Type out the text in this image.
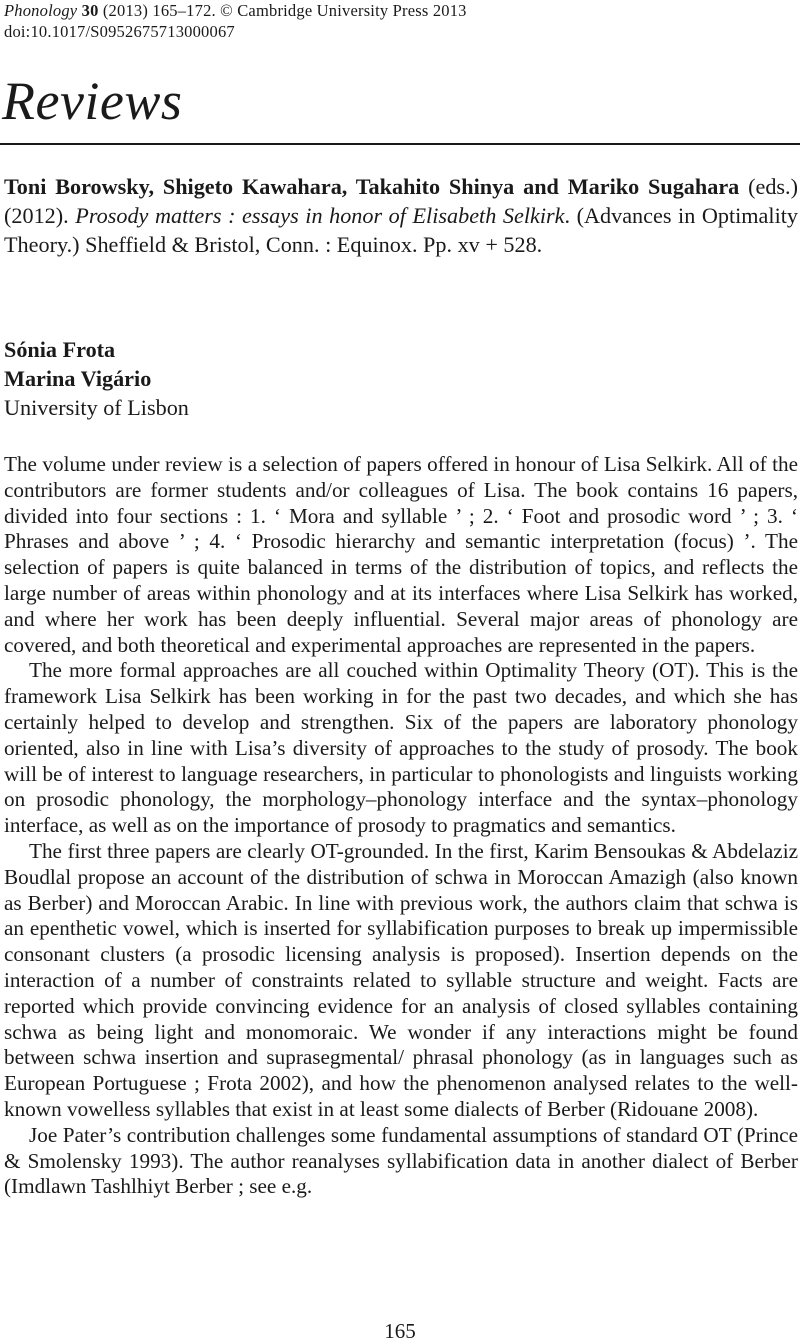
Phonology 30 (2013) 165–172. © Cambridge University Press 2013
doi:10.1017/S0952675713000067
Reviews
Toni Borowsky, Shigeto Kawahara, Takahito Shinya and Mariko Sugahara (eds.) (2012). Prosody matters : essays in honor of Elisabeth Selkirk. (Advances in Optimality Theory.) Sheffield & Bristol, Conn. : Equinox. Pp. xv + 528.
Sónia Frota
Marina Vigário
University of Lisbon

The volume under review is a selection of papers offered in honour of Lisa Selkirk. All of the contributors are former students and/or colleagues of Lisa. The book contains 16 papers, divided into four sections : 1. ‘ Mora and syllable ’ ; 2. ‘ Foot and prosodic word ’ ; 3. ‘ Phrases and above ’ ; 4. ‘ Prosodic hierarchy and semantic interpretation (focus) ’. The selection of papers is quite balanced in terms of the distribution of topics, and reflects the large number of areas within phonology and at its interfaces where Lisa Selkirk has worked, and where her work has been deeply influential. Several major areas of phonology are covered, and both theoretical and experimental approaches are represented in the papers.

The more formal approaches are all couched within Optimality Theory (OT). This is the framework Lisa Selkirk has been working in for the past two decades, and which she has certainly helped to develop and strengthen. Six of the papers are laboratory phonology oriented, also in line with Lisa’s diversity of approaches to the study of prosody. The book will be of interest to language researchers, in particular to phonologists and linguists working on prosodic phonology, the morphology–phonology interface and the syntax–phonology interface, as well as on the importance of prosody to pragmatics and semantics.

The first three papers are clearly OT-grounded. In the first, Karim Bensoukas & Abdelaziz Boudlal propose an account of the distribution of schwa in Moroccan Amazigh (also known as Berber) and Moroccan Arabic. In line with previous work, the authors claim that schwa is an epenthetic vowel, which is inserted for syllabification purposes to break up impermissible consonant clusters (a prosodic licensing analysis is proposed). Insertion depends on the interaction of a number of constraints related to syllable structure and weight. Facts are reported which provide convincing evidence for an analysis of closed syllables containing schwa as being light and monomoraic. We wonder if any interactions might be found between schwa insertion and suprasegmental/ phrasal phonology (as in languages such as European Portuguese ; Frota 2002), and how the phenomenon analysed relates to the well-known vowelless syllables that exist in at least some dialects of Berber (Ridouane 2008).

Joe Pater’s contribution challenges some fundamental assumptions of standard OT (Prince & Smolensky 1993). The author reanalyses syllabification data in another dialect of Berber (Imdlawn Tashlhiyt Berber ; see e.g.

165
